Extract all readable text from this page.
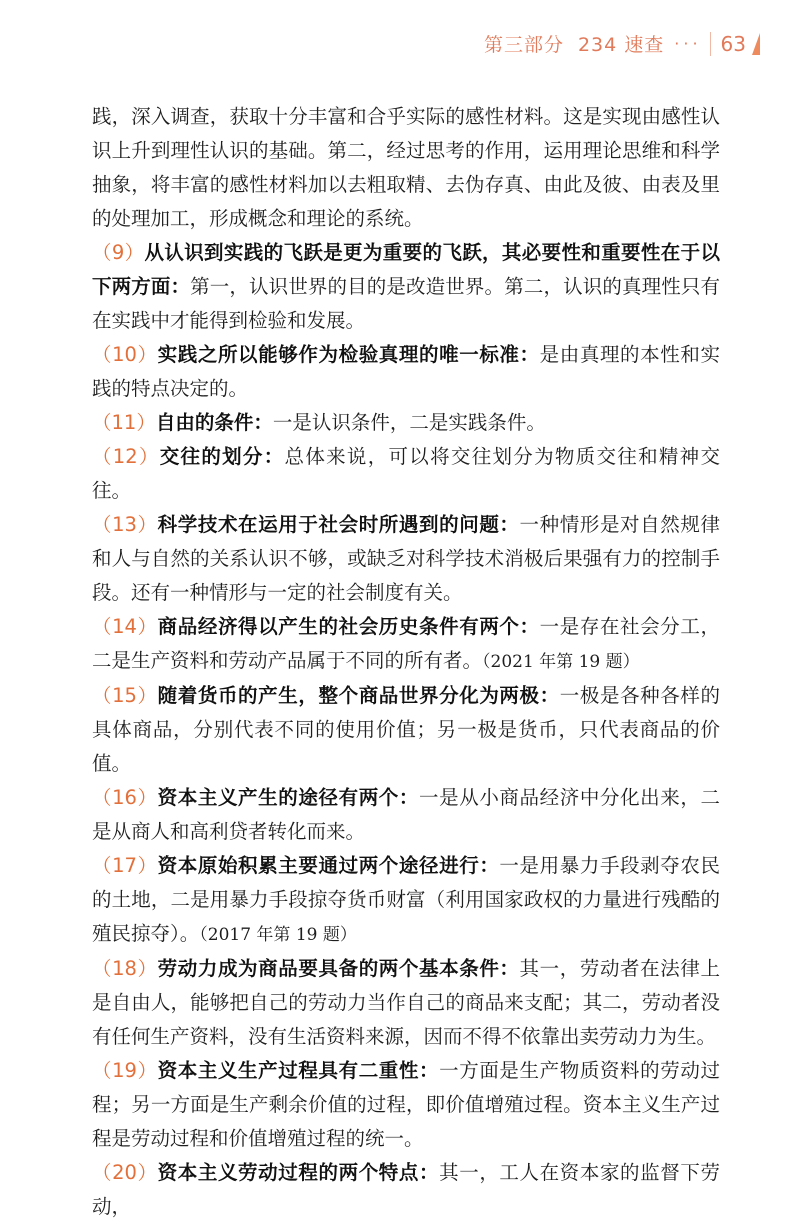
第三部分 234 速查 ··· 63

践，深入调查，获取十分丰富和合乎实际的感性材料。这是实现由感性认识上升到理性认识的基础。第二，经过思考的作用，运用理论思维和科学抽象，将丰富的感性材料加以去粗取精、去伪存真、由此及彼、由表及里的处理加工，形成概念和理论的系统。

（9）从认识到实践的飞跃是更为重要的飞跃，其必要性和重要性在于以下两方面：第一，认识世界的目的是改造世界。第二，认识的真理性只有在实践中才能得到检验和发展。

（10）实践之所以能够作为检验真理的唯一标准：是由真理的本性和实践的特点决定的。

（11）自由的条件：一是认识条件，二是实践条件。

（12）交往的划分：总体来说，可以将交往划分为物质交往和精神交往。

（13）科学技术在运用于社会时所遇到的问题：一种情形是对自然规律和人与自然的关系认识不够，或缺乏对科学技术消极后果强有力的控制手段。还有一种情形与一定的社会制度有关。

（14）商品经济得以产生的社会历史条件有两个：一是存在社会分工，二是生产资料和劳动产品属于不同的所有者。（2021 年第 19 题）

（15）随着货币的产生，整个商品世界分化为两极：一极是各种各样的具体商品，分别代表不同的使用价值；另一极是货币，只代表商品的价值。

（16）资本主义产生的途径有两个：一是从小商品经济中分化出来，二是从商人和高利贷者转化而来。

（17）资本原始积累主要通过两个途径进行：一是用暴力手段剥夺农民的土地，二是用暴力手段掠夺货币财富（利用国家政权的力量进行残酷的殖民掠夺）。（2017 年第 19 题）

（18）劳动力成为商品要具备的两个基本条件：其一，劳动者在法律上是自由人，能够把自己的劳动力当作自己的商品来支配；其二，劳动者没有任何生产资料，没有生活资料来源，因而不得不依靠出卖劳动力为生。

（19）资本主义生产过程具有二重性：一方面是生产物质资料的劳动过程；另一方面是生产剩余价值的过程，即价值增殖过程。资本主义生产过程是劳动过程和价值增殖过程的统一。

（20）资本主义劳动过程的两个特点：其一，工人在资本家的监督下劳动，
